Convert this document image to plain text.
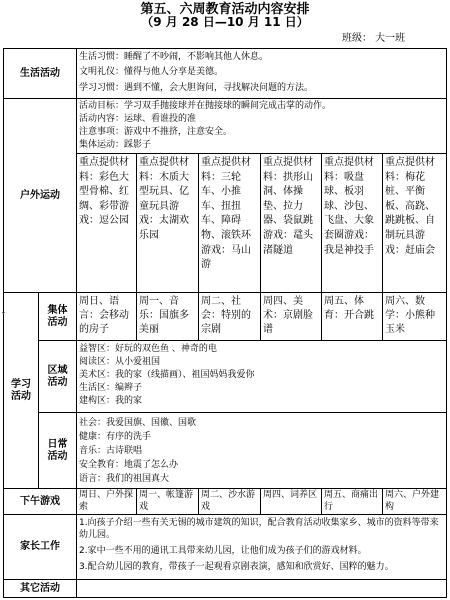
第五、六周教育活动内容安排
（9 月 28 日—10 月 11 日）
班级： 大一班
生活活动
户外运动
学习活动
集体活动
区域活动
日常活动
下午游戏
家长工作
其它活动
生活习惯：睡醒了不吵闹，不影响其他人休息。
文明礼仪：懂得与他人分享是美德。
学习习惯：遇到不懂，会大胆询问，寻找解决问题的方法。
活动目标：学习双手抛接球并在抛接球的瞬间完成击掌的动作。
活动内容：运球、看谁投的准
注意事项：游戏中不推挤，注意安全。
集体运动：踩影子
重点提供材料：彩色大型骨棉、红绸、彩带游戏：逗公园
重点提供材料：木质大型玩具、亿童玩具游戏：太湖欢乐园
重点提供材料：三轮车、小推车、扭扭车、障碍物、滚铁环游戏：马山游
重点提供材料：拱形山洞、体操垫、拉力器、袋鼠跳游戏：鼋头渚隧道
重点提供材料：吸盘球、板羽球、沙包、飞盘、大象套圈游戏：我是神投手
重点提供材料：梅花桩、平衡板、高跷、跳跳板、自制玩具游戏：赶庙会
周日、语言：会移动的房子
周一、音乐：国旗多美丽
周二、社会：特别的宗剧
周四、美术：京剧脸谱
周五、体育：开合跳
周六、数学：小熊种玉米
益智区：好玩的双色鱼 、神奇的电
阅读区：从小爱祖国
美术区：我的家（线描画）、祖国妈妈我爱你
生活区：编辫子
建构区：我的家
社会：我爱国旗、国徽、国歌
健康：有序的洗手
音乐：古诗联唱
安全教育：地震了怎么办
语言：我们的祖国真大
周日、户外探索
周一、帐篷游戏
周二、沙水游戏
周四、词养区 周五、商痛出行
周六、户外建构
1.向孩子介绍一些有关无锡的城市建筑的知识，配合教育活动收集家乡、城市的资料等带来幼儿园。
2.家中一些不用的通讯工具带来幼儿园，让他们成为孩子们的游戏材料。
3.配合幼儿园的教育，带孩子一起观看京剧表演，感知和欣赏好、国粹的魅力。
⌄
